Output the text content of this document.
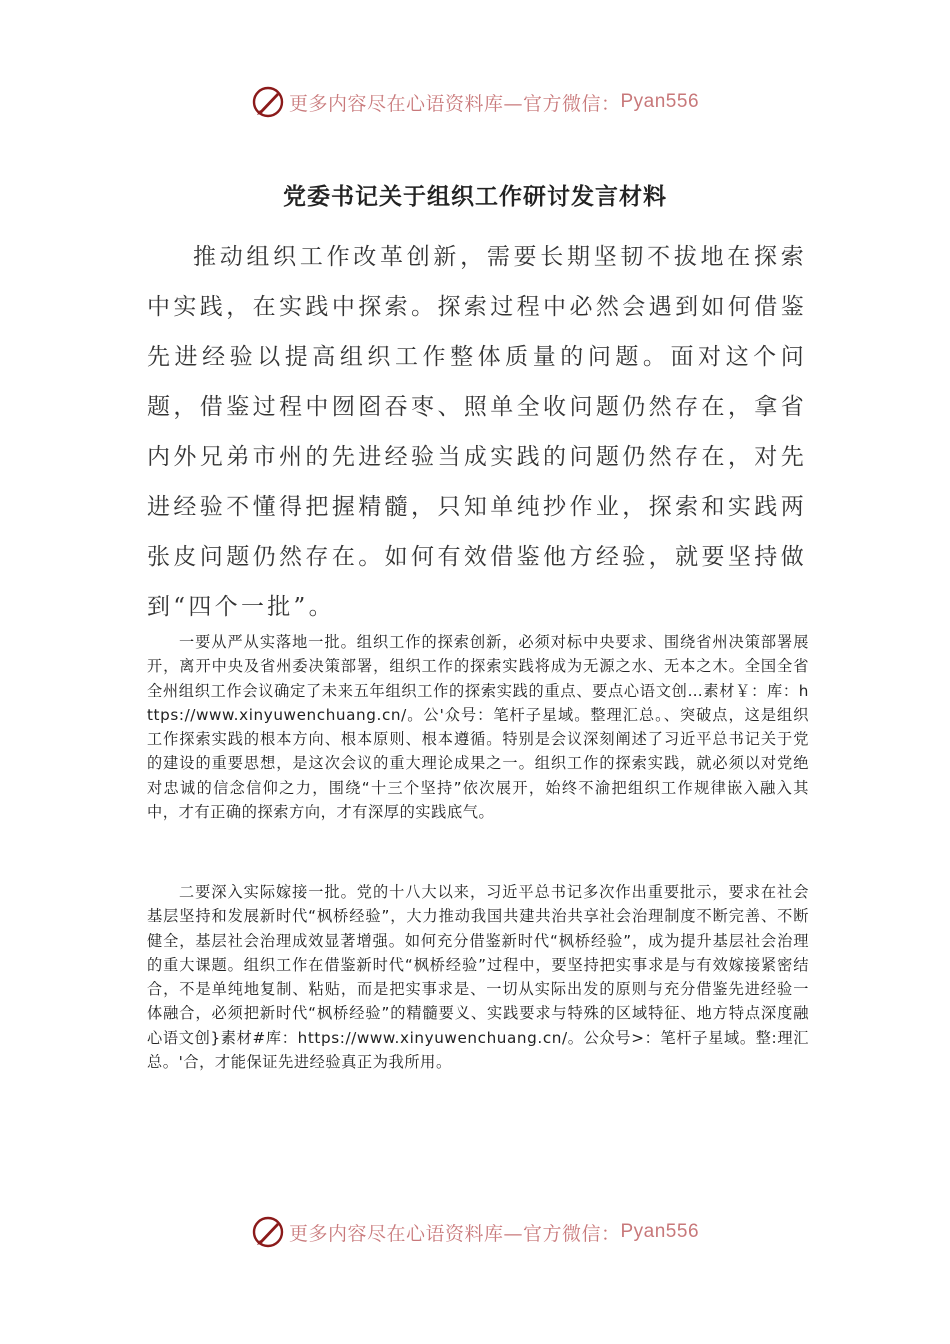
更多内容尽在心语资料库—官方微信： Pyan556
党委书记关于组织工作研讨发言材料

推动组织工作改革创新，需要长期坚韧不拔地在探索中实践，在实践中探索。探索过程中必然会遇到如何借鉴先进经验以提高组织工作整体质量的问题。面对这个问题，借鉴过程中囫囵吞枣、照单全收问题仍然存在，拿省内外兄弟市州的先进经验当成实践的问题仍然存在，对先进经验不懂得把握精髓，只知单纯抄作业，探索和实践两张皮问题仍然存在。如何有效借鉴他方经验，就要坚持做到“四个一批”。

一要从严从实落地一批。组织工作的探索创新，必须对标中央要求、围绕省州决策部署展开，离开中央及省州委决策部署，组织工作的探索实践将成为无源之水、无本之木。全国全省全州组织工作会议确定了未来五年组织工作的探索实践的重点、要点心语文创…素材￥：库：https://www.xinyuwenchuang.cn/。公'众号：笔杆子星域。整理汇总。、突破点，这是组织工作探索实践的根本方向、根本原则、根本遵循。特别是会议深刻阐述了习近平总书记关于党的建设的重要思想，是这次会议的重大理论成果之一。组织工作的探索实践，就必须以对党绝对忠诚的信念信仰之力，围绕“十三个坚持”依次展开，始终不渝把组织工作规律嵌入融入其中，才有正确的探索方向，才有深厚的实践底气。

二要深入实际嫁接一批。党的十八大以来，习近平总书记多次作出重要批示，要求在社会基层坚持和发展新时代“枫桥经验”，大力推动我国共建共治共享社会治理制度不断完善、不断健全，基层社会治理成效显著增强。如何充分借鉴新时代“枫桥经验”，成为提升基层社会治理的重大课题。组织工作在借鉴新时代“枫桥经验”过程中，要坚持把实事求是与有效嫁接紧密结合，不是单纯地复制、粘贴，而是把实事求是、一切从实际出发的原则与充分借鉴先进经验一体融合，必须把新时代“枫桥经验”的精髓要义、实践要求与特殊的区域特征、地方特点深度融心语文创}素材#库：https://www.xinyuwenchuang.cn/。公众号>：笔杆子星域。整:理汇总。'合，才能保证先进经验真正为我所用。

更多内容尽在心语资料库—官方微信： Pyan556
